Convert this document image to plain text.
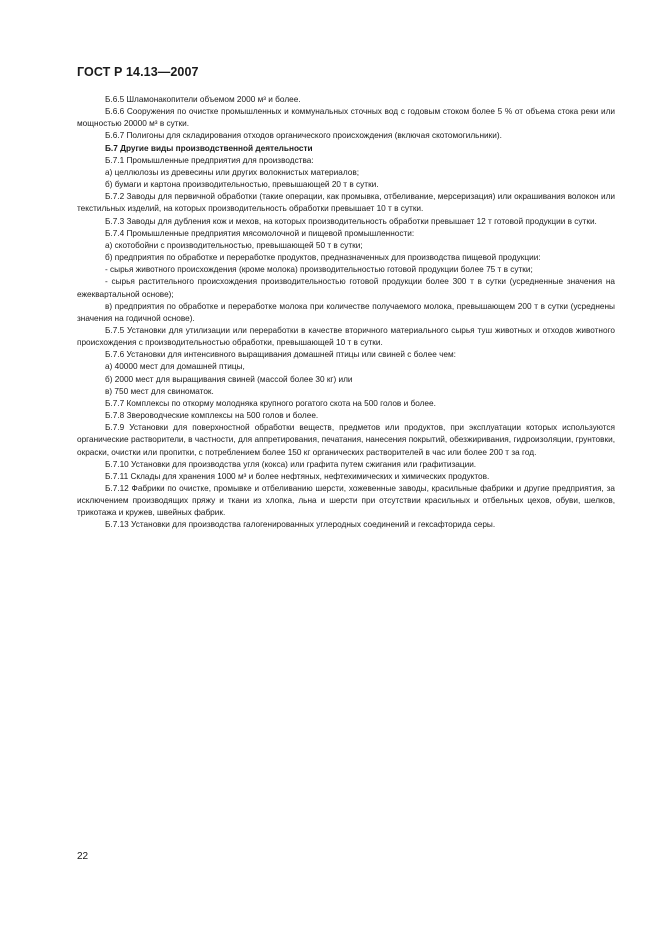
ГОСТ Р 14.13—2007
Б.6.5 Шламонакопители объемом 2000 м³ и более.
Б.6.6 Сооружения по очистке промышленных и коммунальных сточных вод с годовым стоком более 5 % от объема стока реки или мощностью 20000 м³ в сутки.
Б.6.7 Полигоны для складирования отходов органического происхождения (включая скотомогильники).
Б.7 Другие виды производственной деятельности
Б.7.1 Промышленные предприятия для производства:
а) целлюлозы из древесины или других волокнистых материалов;
б) бумаги и картона производительностью, превышающей 20 т в сутки.
Б.7.2 Заводы для первичной обработки (такие операции, как промывка, отбеливание, мерсеризация) или окрашивания волокон или текстильных изделий, на которых производительность обработки превышает 10 т в сутки.
Б.7.3 Заводы для дубления кож и мехов, на которых производительность обработки превышает 12 т готовой продукции в сутки.
Б.7.4 Промышленные предприятия мясомолочной и пищевой промышленности:
а) скотобойни с производительностью, превышающей 50 т в сутки;
б) предприятия по обработке и переработке продуктов, предназначенных для производства пищевой продукции:
- сырья животного происхождения (кроме молока) производительностью готовой продукции более 75 т в сутки;
- сырья растительного происхождения производительностью готовой продукции более 300 т в сутки (усредненные значения на ежеквартальной основе);
в) предприятия по обработке и переработке молока при количестве получаемого молока, превышающем 200 т в сутки (усреднены значения на годичной основе).
Б.7.5 Установки для утилизации или переработки в качестве вторичного материального сырья туш животных и отходов животного происхождения с производительностью обработки, превышающей 10 т в сутки.
Б.7.6 Установки для интенсивного выращивания домашней птицы или свиней с более чем:
а) 40000 мест для домашней птицы,
б) 2000 мест для выращивания свиней (массой более 30 кг) или
в) 750 мест для свиноматок.
Б.7.7 Комплексы по откорму молодняка крупного рогатого скота на 500 голов и более.
Б.7.8 Звероводческие комплексы на 500 голов и более.
Б.7.9 Установки для поверхностной обработки веществ, предметов или продуктов, при эксплуатации которых используются органические растворители, в частности, для аппретирования, печатания, нанесения покрытий, обезжиривания, гидроизоляции, грунтовки, окраски, очистки или пропитки, с потреблением более 150 кг органических растворителей в час или более 200 т за год.
Б.7.10 Установки для производства угля (кокса) или графита путем сжигания или графитизации.
Б.7.11 Склады для хранения 1000 м³ и более нефтяных, нефтехимических и химических продуктов.
Б.7.12 Фабрики по очистке, промывке и отбеливанию шерсти, хожевенные заводы, красильные фабрики и другие предприятия, за исключением производящих пряжу и ткани из хлопка, льна и шерсти при отсутствии красильных и отбельных цехов, обуви, шелков, трикотажа и кружев, швейных фабрик.
Б.7.13 Установки для производства галогенированных углеродных соединений и гексафторида серы.
22
